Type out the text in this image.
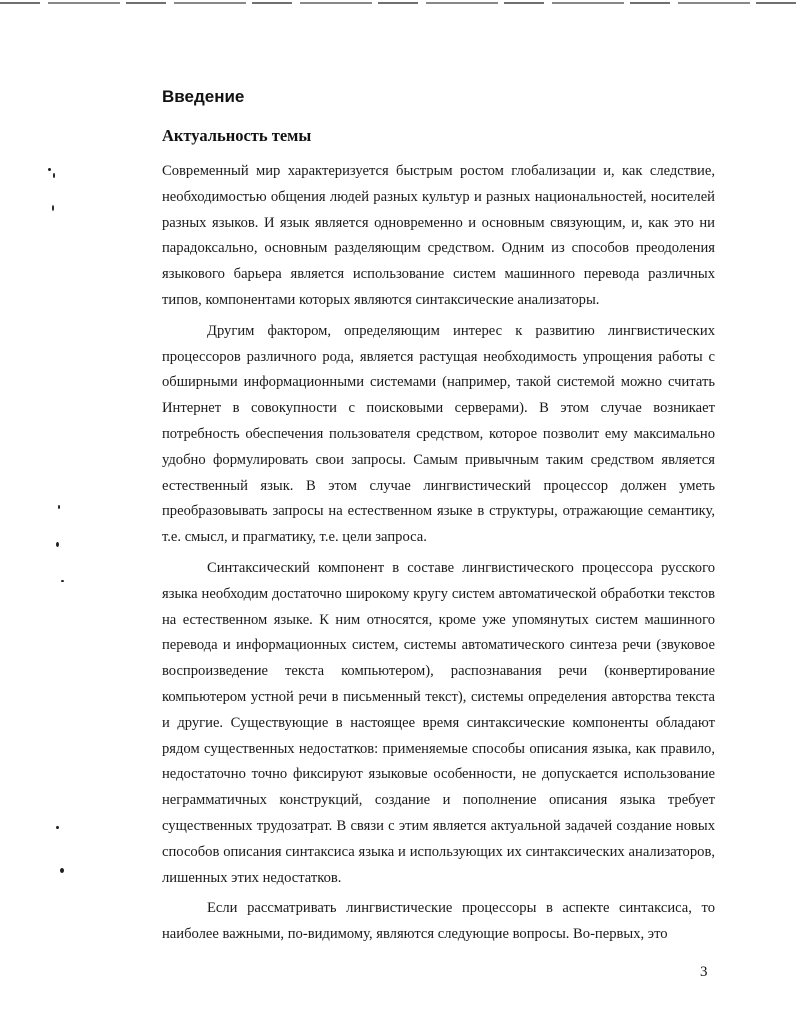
Введение
Актуальность темы

Современный мир характеризуется быстрым ростом глобализации и, как следствие, необходимостью общения людей разных культур и разных национальностей, носителей разных языков. И язык является одновременно и основным связующим, и, как это ни парадоксально, основным разделяющим средством. Одним из способов преодоления языкового барьера является использование систем машинного перевода различных типов, компонентами которых являются синтаксические анализаторы.

Другим фактором, определяющим интерес к развитию лингвистических процессоров различного рода, является растущая необходимость упрощения работы с обширными информационными системами (например, такой системой можно считать Интернет в совокупности с поисковыми серверами). В этом случае возникает потребность обеспечения пользователя средством, которое позволит ему максимально удобно формулировать свои запросы. Самым привычным таким средством является естественный язык. В этом случае лингвистический процессор должен уметь преобразовывать запросы на естественном языке в структуры, отражающие семантику, т.е. смысл, и прагматику, т.е. цели запроса.

Синтаксический компонент в составе лингвистического процессора русского языка необходим достаточно широкому кругу систем автоматической обработки текстов на естественном языке. К ним относятся, кроме уже упомянутых систем машинного перевода и информационных систем, системы автоматического синтеза речи (звуковое воспроизведение текста компьютером), распознавания речи (конвертирование компьютером устной речи в письменный текст), системы определения авторства текста и другие. Существующие в настоящее время синтаксические компоненты обладают рядом существенных недостатков: применяемые способы описания языка, как правило, недостаточно точно фиксируют языковые особенности, не допускается использование неграмматичных конструкций, создание и пополнение описания языка требует существенных трудозатрат. В связи с этим является актуальной задачей создание новых способов описания синтаксиса языка и использующих их синтаксических анализаторов, лишенных этих недостатков.

Если рассматривать лингвистические процессоры в аспекте синтаксиса, то наиболее важными, по-видимому, являются следующие вопросы. Во-первых, это

3
